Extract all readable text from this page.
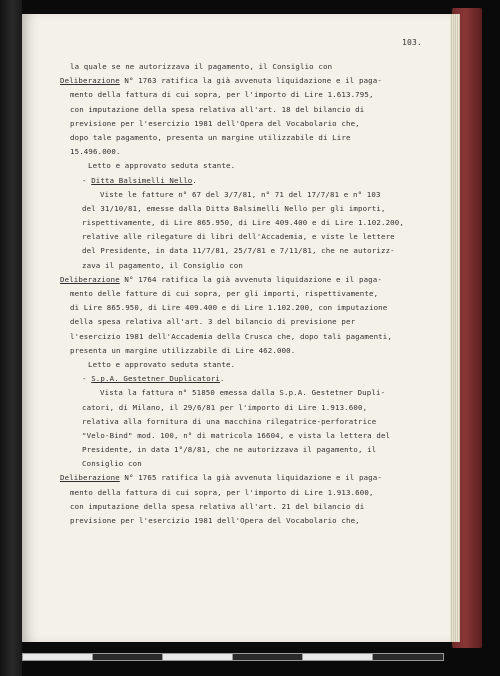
103.
la quale se ne autorizzava il pagamento, il Consiglio con
Deliberazione N° 1763 ratifica la già avvenuta liquidazione e il paga-
mento della fattura di cui sopra, per l'importo di Lire 1.613.795,
con imputazione della spesa relativa all'art. 18 del bilancio di
previsione per l'esercizio 1981 dell'Opera del Vocabolario che,
dopo tale pagamento, presenta un margine utilizzabile di Lire
15.496.000.
Letto e approvato seduta stante.
- Ditta Balsimelli Nello.
Viste le fatture n° 67 del 3/7/81, n° 71 del 17/7/81 e n° 103
del 31/10/81, emesse dalla Ditta Balsimelli Nello per gli importi,
rispettivamente, di Lire 865.950, di Lire 409.400 e di Lire 1.102.200,
relative alle rilegature di libri dell'Accademia, e viste le lettere
del Presidente, in data 11/7/81, 25/7/81 e 7/11/81, che ne autorizz-
zava il pagamento, il Consiglio con
Deliberazione N° 1764 ratifica la già avvenuta liquidazione e il paga-
mento delle fatture di cui sopra, per gli importi, rispettivamente,
di Lire 865.950, di Lire 409.400 e di Lire 1.102.200, con imputazione
della spesa relativa all'art. 3 del bilancio di previsione per
l'esercizio 1981 dell'Accademia della Crusca che, dopo tali pagamenti,
presenta un margine utilizzabile di Lire 462.000.
Letto e approvato seduta stante.
- S.p.A. Gestetner Duplicatori.
Vista la fattura n° 51850 emessa dalla S.p.A. Gestetner Dupli-
catori, di Milano, il 29/6/81 per l'importo di Lire 1.913.600,
relativa alla fornitura di una macchina rilegatrice-perforatrice
"Velo-Bind" mod. 100, n° di matricola 16604, e vista la lettera del
Presidente, in data 1°/8/81, che ne autorizzava il pagamento, il
Consiglio con
Deliberazione N° 1765 ratifica la già avvenuta liquidazione e il paga-
mento della fattura di cui sopra, per l'importo di Lire 1.913.600,
con imputazione della spesa relativa all'art. 21 del bilancio di
previsione per l'esercizio 1981 dell'Opera del Vocabolario che,
